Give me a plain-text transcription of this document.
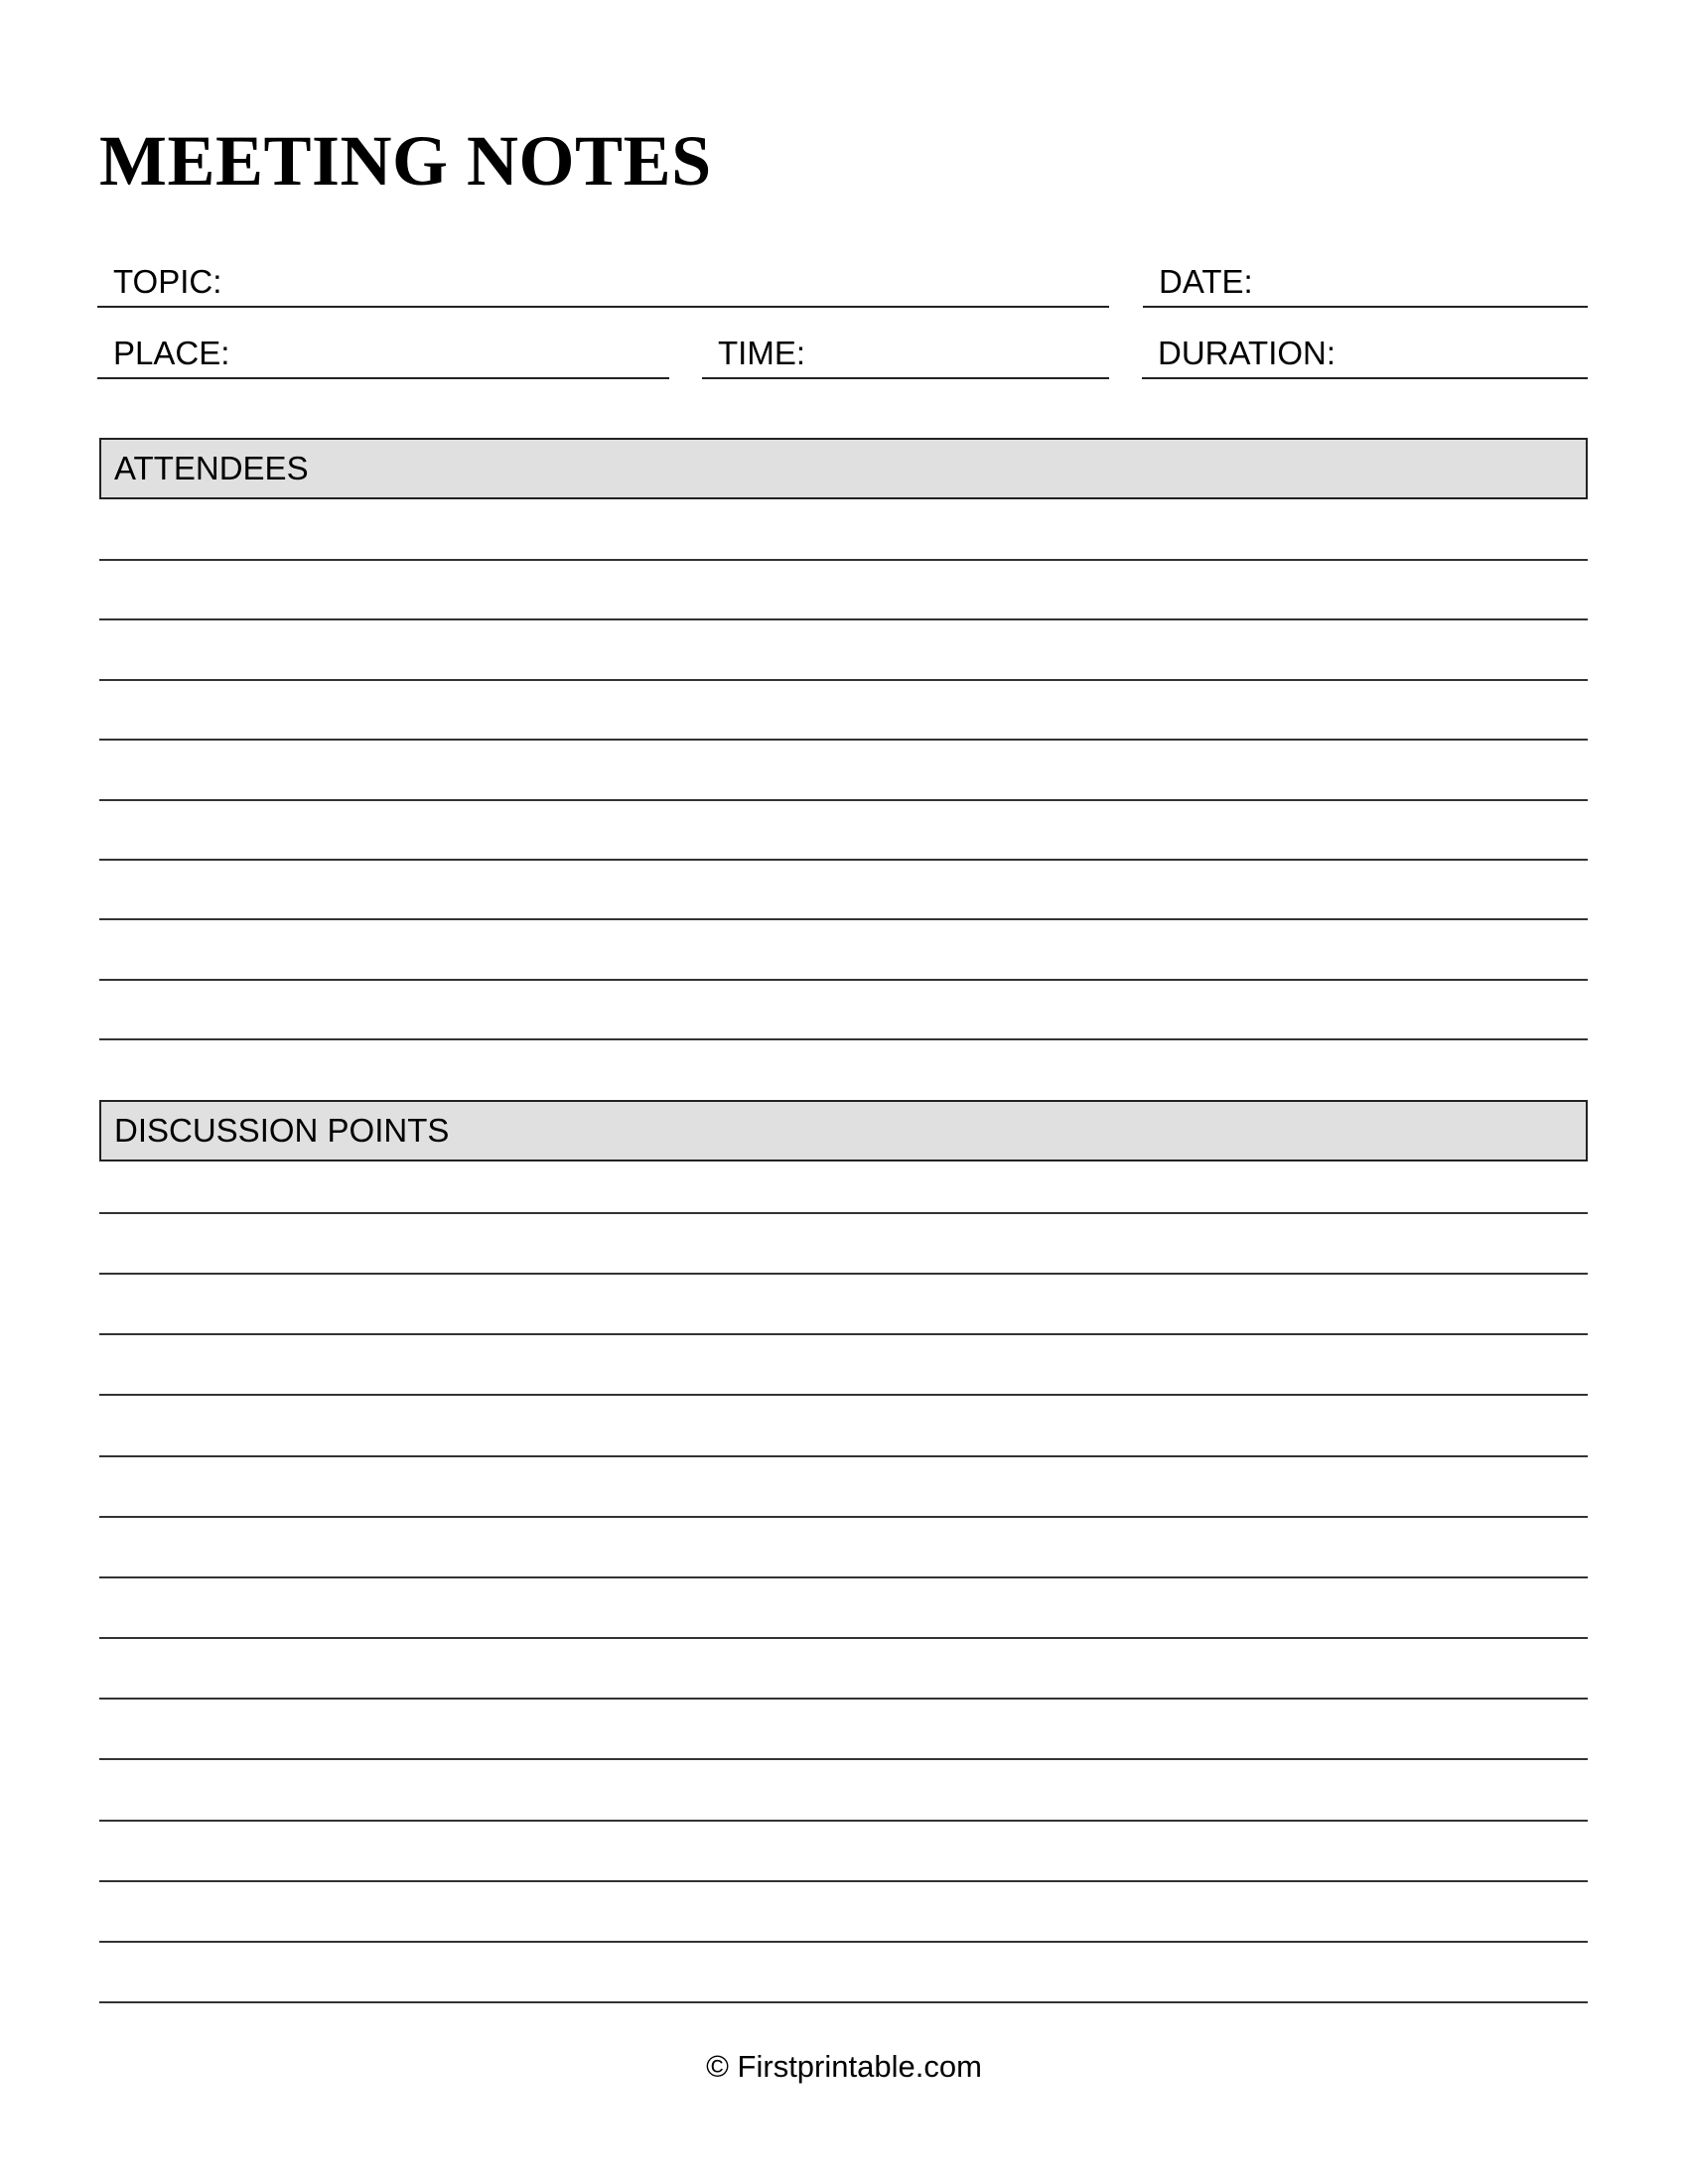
MEETING NOTES
TOPIC:	DATE:
PLACE:	TIME:	DURATION:
ATTENDEES
DISCUSSION POINTS
© Firstprintable.com
